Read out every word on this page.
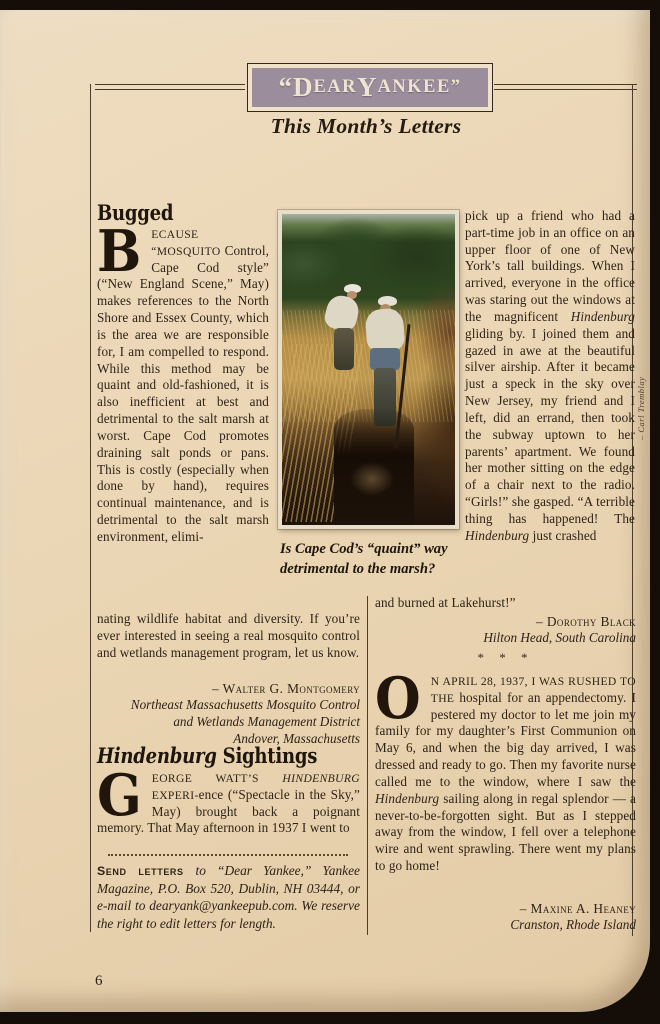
“D EAR Y ANKEE”
This Month’s Letters
Bugged
BECAUSE “MOSQUITO Control, Cape Cod style” (“New England Scene,” May) makes references to the North Shore and Essex County, which is the area we are responsible for, I am compelled to respond. While this method may be quaint and old-fashioned, it is also inefficient at best and detrimental to the salt marsh at worst. Cape Cod promotes draining salt ponds or pans. This is costly (especially when done by hand), requires continual maintenance, and is detrimental to the salt marsh environment, elimi-
nating wildlife habitat and diversity. If you’re ever interested in seeing a real mosquito control and wetlands management program, let us know.
– Walter G. Montgomery
Northeast Massachusetts Mosquito Control
and Wetlands Management District
Andover, Massachusetts
Hindenburg Sightings
GEORGE WATT’S HINDENBURG EXPERI-ence (“Spectacle in the Sky,” May) brought back a poignant memory. That May afternoon in 1937 I went to
Send letters to “Dear Yankee,” Yankee Magazine, P.O. Box 520, Dublin, NH 03444, or e-mail to dearyank@yankeepub.com. We reserve the right to edit letters for length.
Is Cape Cod’s “quaint” way detrimental to the marsh?
– Carl Tremblay
pick up a friend who had a part-time job in an office on an upper floor of one of New York’s tall buildings. When I arrived, everyone in the office was staring out the windows at the magnificent Hindenburg gliding by. I joined them and gazed in awe at the beautiful silver airship. After it became just a speck in the sky over New Jersey, my friend and I left, did an errand, then took the subway uptown to her parents’ apartment. We found her mother sitting on the edge of a chair next to the radio. “Girls!” she gasped. “A terrible thing has happened! The Hindenburg just crashed
and burned at Lakehurst!”
– Dorothy Black
Hilton Head, South Carolina
* * *
O N APRIL 28, 1937, I WAS RUSHED TO THE hospital for an appendectomy. I pestered my doctor to let me join my family for my daughter’s First Communion on May 6, and when the big day arrived, I was dressed and ready to go. Then my favorite nurse called me to the window, where I saw the Hindenburg sailing along in regal splendor — a never-to-be-forgotten sight. But as I stepped away from the window, I fell over a telephone wire and went sprawling. There went my plans to go home!
– Maxine A. Heaney
Cranston, Rhode Island
6
